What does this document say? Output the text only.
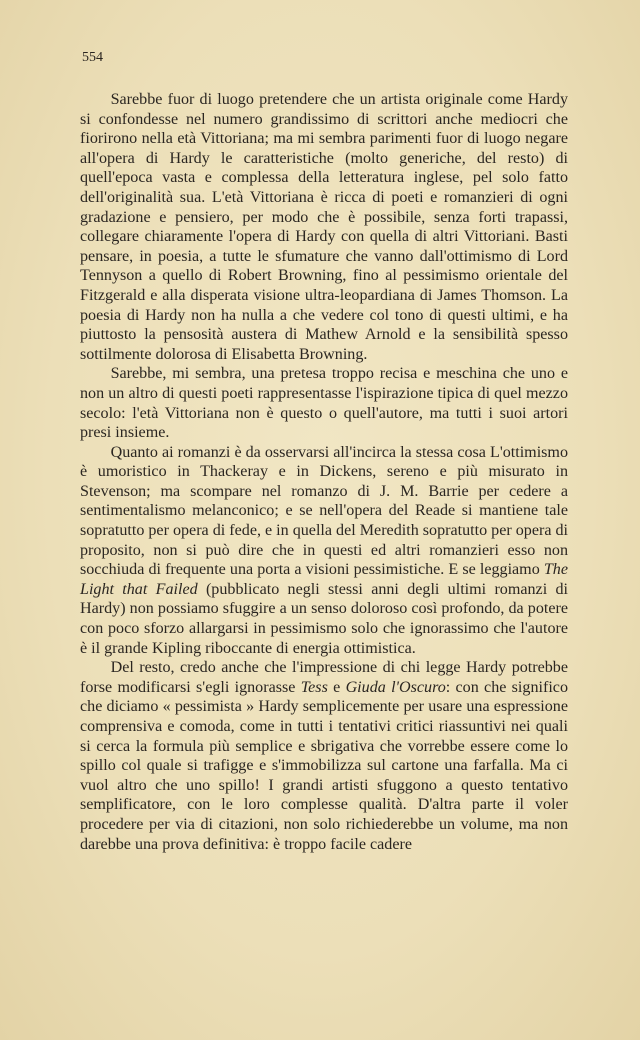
554

Sarebbe fuor di luogo pretendere che un artista originale come Hardy si confondesse nel numero grandissimo di scrittori anche mediocri che fiorirono nella età Vittoriana; ma mi sembra parimenti fuor di luogo negare all'opera di Hardy le caratteristiche (molto generiche, del resto) di quell'epoca vasta e complessa della letteratura inglese, pel solo fatto dell'originalità sua. L'età Vittoriana è ricca di poeti e romanzieri di ogni gradazione e pensiero, per modo che è possibile, senza forti trapassi, collegare chiaramente l'opera di Hardy con quella di altri Vittoriani. Basti pensare, in poesia, a tutte le sfumature che vanno dall'ottimismo di Lord Tennyson a quello di Robert Browning, fino al pessimismo orientale del Fitzgerald e alla disperata visione ultra-leopardiana di James Thomson. La poesia di Hardy non ha nulla a che vedere col tono di questi ultimi, e ha piuttosto la pensosità austera di Mathew Arnold e la sensibilità spesso sottilmente dolorosa di Elisabetta Browning.

Sarebbe, mi sembra, una pretesa troppo recisa e meschina che uno e non un altro di questi poeti rappresentasse l'ispirazione tipica di quel mezzo secolo: l'età Vittoriana non è questo o quell'autore, ma tutti i suoi artori presi insieme.

Quanto ai romanzi è da osservarsi all'incirca la stessa cosa L'ottimismo è umoristico in Thackeray e in Dickens, sereno e più misurato in Stevenson; ma scompare nel romanzo di J. M. Barrie per cedere a sentimentalismo melanconico; e se nell'opera del Reade si mantiene tale sopratutto per opera di fede, e in quella del Meredith sopratutto per opera di proposito, non si può dire che in questi ed altri romanzieri esso non socchiuda di frequente una porta a visioni pessimistiche. E se leggiamo The Light that Failed (pubblicato negli stessi anni degli ultimi romanzi di Hardy) non possiamo sfuggire a un senso doloroso così profondo, da potere con poco sforzo allargarsi in pessimismo solo che ignorassimo che l'autore è il grande Kipling riboccante di energia ottimistica.

Del resto, credo anche che l'impressione di chi legge Hardy potrebbe forse modificarsi s'egli ignorasse Tess e Giuda l'Oscuro: con che significo che diciamo « pessimista » Hardy semplicemente per usare una espressione comprensiva e comoda, come in tutti i tentativi critici riassuntivi nei quali si cerca la formula più semplice e sbrigativa che vorrebbe essere come lo spillo col quale si trafigge e s'immobilizza sul cartone una farfalla. Ma ci vuol altro che uno spillo! I grandi artisti sfuggono a questo tentativo semplificatore, con le loro complesse qualità. D'altra parte il voler procedere per via di citazioni, non solo richiederebbe un volume, ma non darebbe una prova definitiva: è troppo facile cadere
